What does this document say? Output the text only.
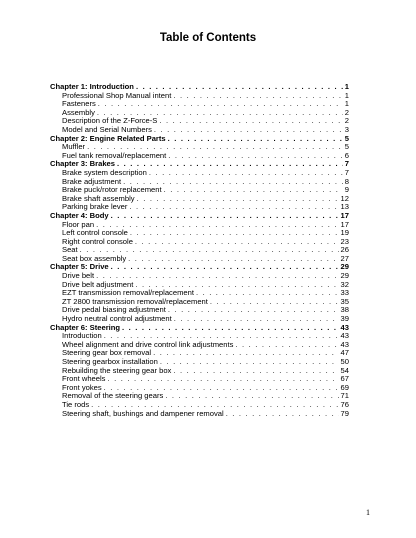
Table of Contents
Chapter 1: Introduction . . .	1
Professional Shop Manual intent . . .	1
Fasteners . . .	1
Assembly . . .	2
Description of the Z-Force-S . . .	2
Model and Serial Numbers . . .	3
Chapter 2: Engine Related Parts . . .	5
Muffler . . .	5
Fuel tank removal/replacement . . .	6
Chapter 3: Brakes . . .	7
Brake system description . . .	7
Brake adjustment . . .	8
Brake puck/rotor replacement . . .	9
Brake shaft assembly . . .	12
Parking brake lever . . .	13
Chapter 4: Body . . .	17
Floor pan . . .	17
Left control console . . .	19
Right control console . . .	23
Seat . . .	26
Seat box assembly . . .	27
Chapter 5: Drive . . .	29
Drive belt . . .	29
Drive belt adjustment . . .	32
EZT transmission removal/replacement . . .	33
ZT 2800 transmission removal/replacement . . .	35
Drive pedal biasing adjustment . . .	38
Hydro neutral control adjustment . . .	39
Chapter 6: Steering . . .	43
Introduction . . .	43
Wheel alignment and drive control link adjustments . . .	43
Steering gear box removal . . .	47
Steering gearbox installation . . .	50
Rebuilding the steering gear box . . .	54
Front wheels . . .	67
Front yokes . . .	69
Removal of the steering gears . . .	71
Tie rods . . .	76
Steering shaft, bushings and dampener removal . . .	79
1
